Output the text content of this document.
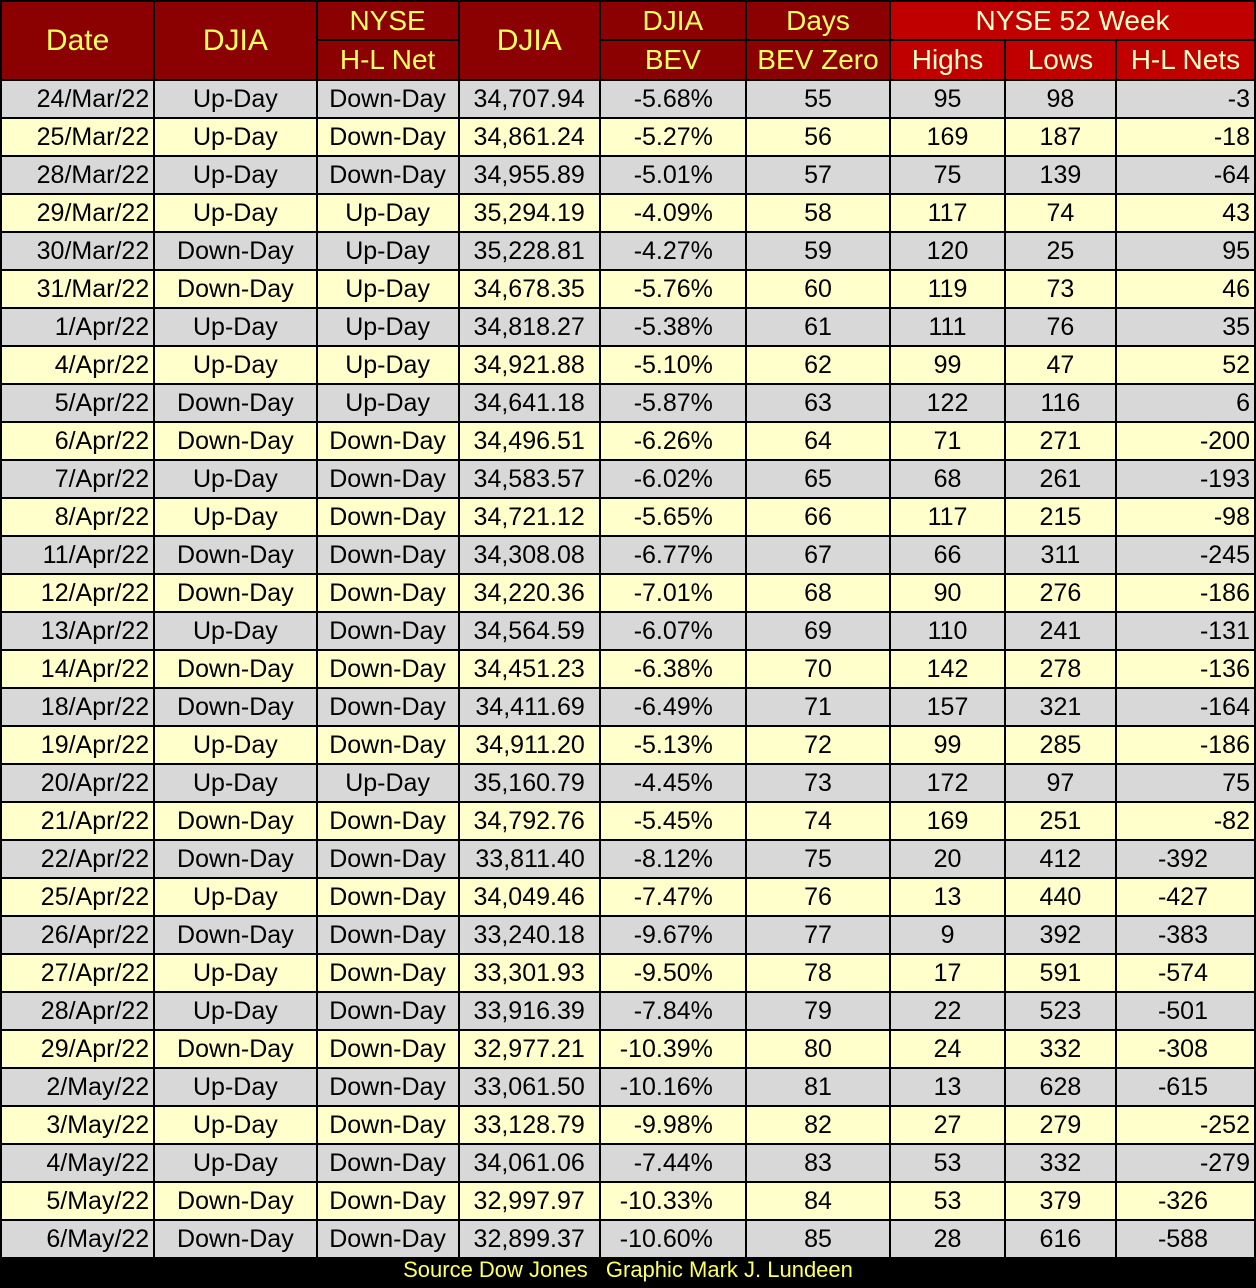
Date	DJIA	NYSE	DJIA	DJIA	Days	NYSE 52 Week		
		H-L Net		BEV	BEV Zero	Highs	Lows	H-L Nets
24/Mar/22	Up-Day	Down-Day	34,707.94	-5.68%	55	95	98	-3
25/Mar/22	Up-Day	Down-Day	34,861.24	-5.27%	56	169	187	-18
28/Mar/22	Up-Day	Down-Day	34,955.89	-5.01%	57	75	139	-64
29/Mar/22	Up-Day	Up-Day	35,294.19	-4.09%	58	117	74	43
30/Mar/22	Down-Day	Up-Day	35,228.81	-4.27%	59	120	25	95
31/Mar/22	Down-Day	Up-Day	34,678.35	-5.76%	60	119	73	46
1/Apr/22	Up-Day	Up-Day	34,818.27	-5.38%	61	111	76	35
4/Apr/22	Up-Day	Up-Day	34,921.88	-5.10%	62	99	47	52
5/Apr/22	Down-Day	Up-Day	34,641.18	-5.87%	63	122	116	6
6/Apr/22	Down-Day	Down-Day	34,496.51	-6.26%	64	71	271	-200
7/Apr/22	Up-Day	Down-Day	34,583.57	-6.02%	65	68	261	-193
8/Apr/22	Up-Day	Down-Day	34,721.12	-5.65%	66	117	215	-98
11/Apr/22	Down-Day	Down-Day	34,308.08	-6.77%	67	66	311	-245
12/Apr/22	Down-Day	Down-Day	34,220.36	-7.01%	68	90	276	-186
13/Apr/22	Up-Day	Down-Day	34,564.59	-6.07%	69	110	241	-131
14/Apr/22	Down-Day	Down-Day	34,451.23	-6.38%	70	142	278	-136
18/Apr/22	Down-Day	Down-Day	34,411.69	-6.49%	71	157	321	-164
19/Apr/22	Up-Day	Down-Day	34,911.20	-5.13%	72	99	285	-186
20/Apr/22	Up-Day	Up-Day	35,160.79	-4.45%	73	172	97	75
21/Apr/22	Down-Day	Down-Day	34,792.76	-5.45%	74	169	251	-82
22/Apr/22	Down-Day	Down-Day	33,811.40	-8.12%	75	20	412	-392
25/Apr/22	Up-Day	Down-Day	34,049.46	-7.47%	76	13	440	-427
26/Apr/22	Down-Day	Down-Day	33,240.18	-9.67%	77	9	392	-383
27/Apr/22	Up-Day	Down-Day	33,301.93	-9.50%	78	17	591	-574
28/Apr/22	Up-Day	Down-Day	33,916.39	-7.84%	79	22	523	-501
29/Apr/22	Down-Day	Down-Day	32,977.21	-10.39%	80	24	332	-308
2/May/22	Up-Day	Down-Day	33,061.50	-10.16%	81	13	628	-615
3/May/22	Up-Day	Down-Day	33,128.79	-9.98%	82	27	279	-252
4/May/22	Up-Day	Down-Day	34,061.06	-7.44%	83	53	332	-279
5/May/22	Down-Day	Down-Day	32,997.97	-10.33%	84	53	379	-326
6/May/22	Down-Day	Down-Day	32,899.37	-10.60%	85	28	616	-588
Source Dow Jones Graphic Mark J. Lundeen
